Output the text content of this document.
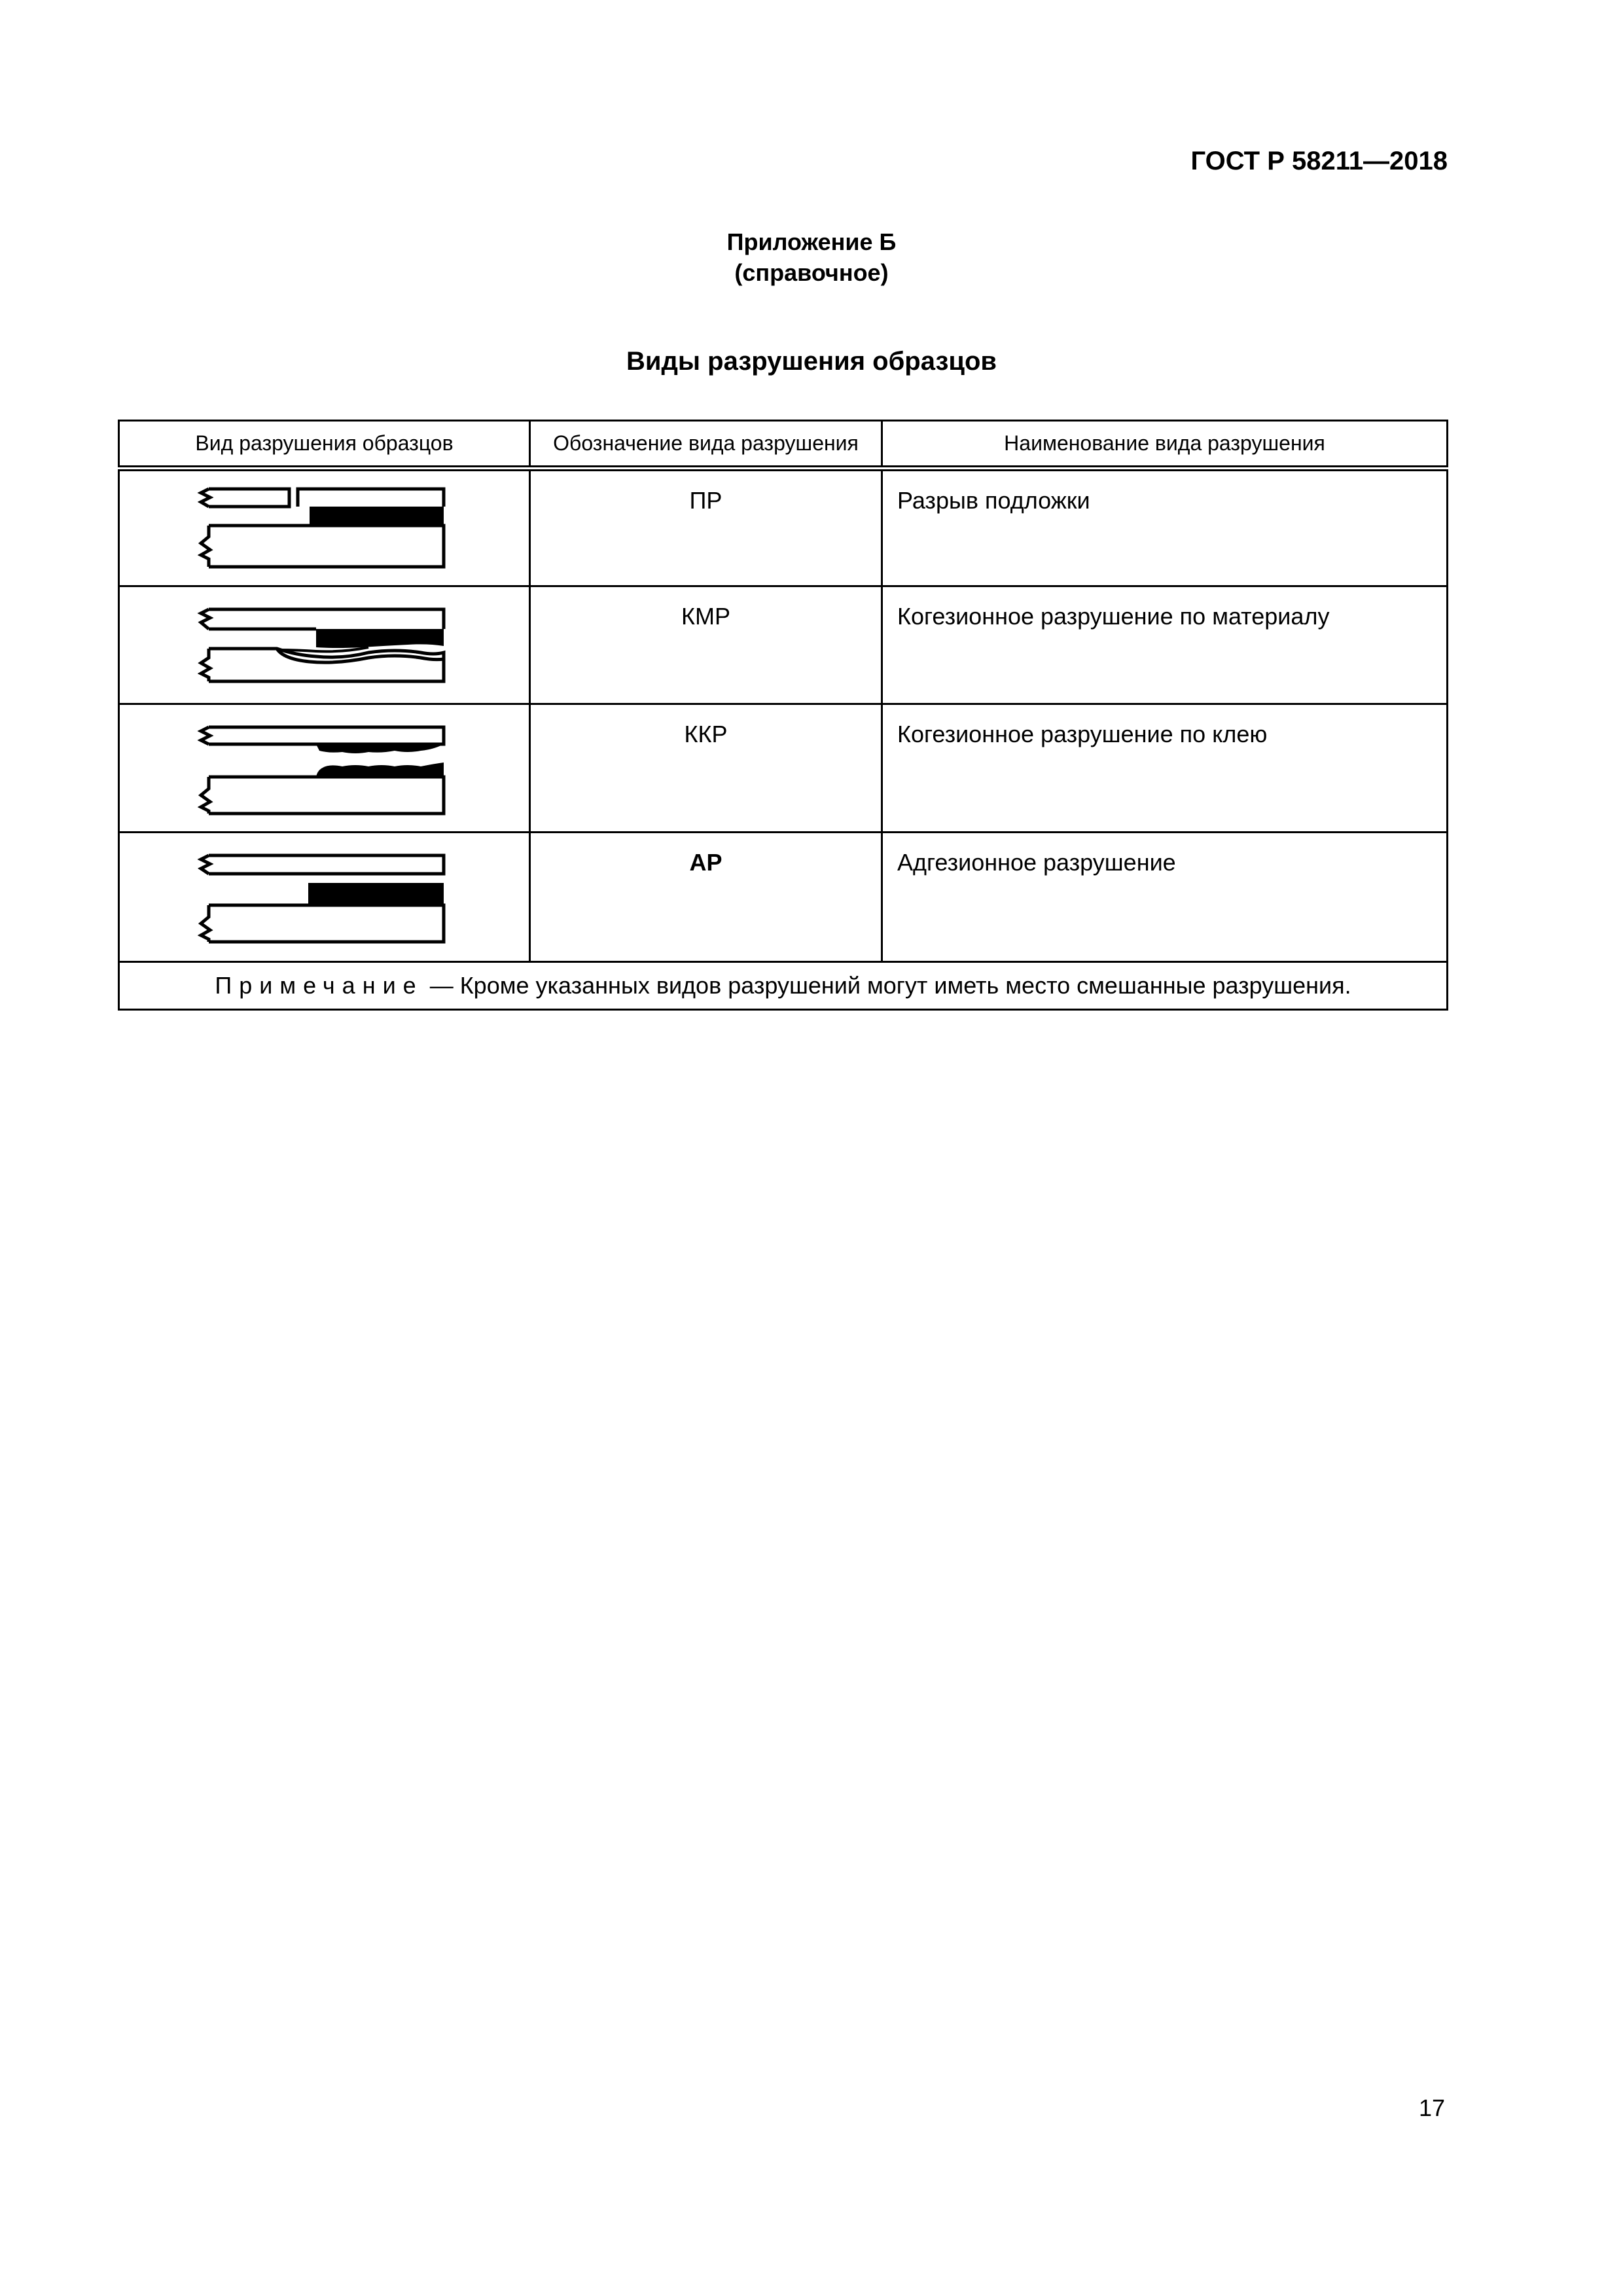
ГОСТ Р 58211—2018
Приложение Б
(справочное)
Виды разрушения образцов
Вид разрушения образцов	Обозначение вида разрушения	Наименование вида разрушения

	ПР	Разрыв подложки

	КМР	Когезионное разрушение по материалу

	ККР	Когезионное разрушение по клею

	АР	Адгезионное разрушение
Примечание — Кроме указанных видов разрушений могут иметь место смешанные разрушения.		
17
